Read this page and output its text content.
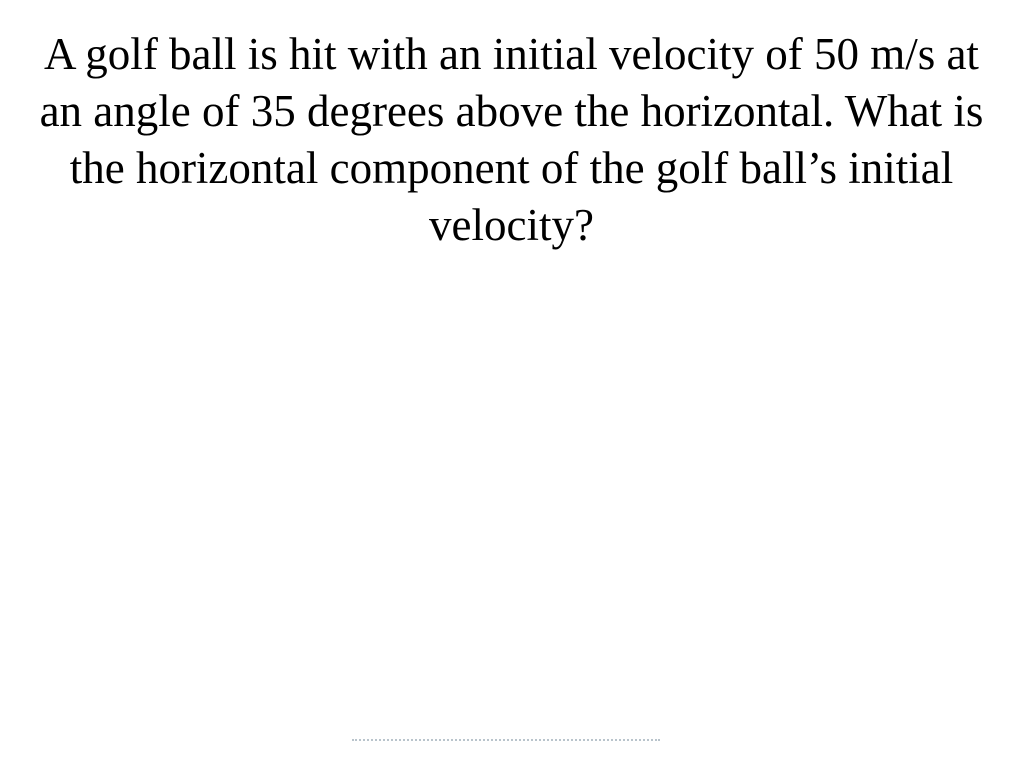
A golf ball is hit with an initial velocity of 50 m/s at an angle of 35 degrees above the horizontal. What is the horizontal component of the golf ball’s initial velocity?
